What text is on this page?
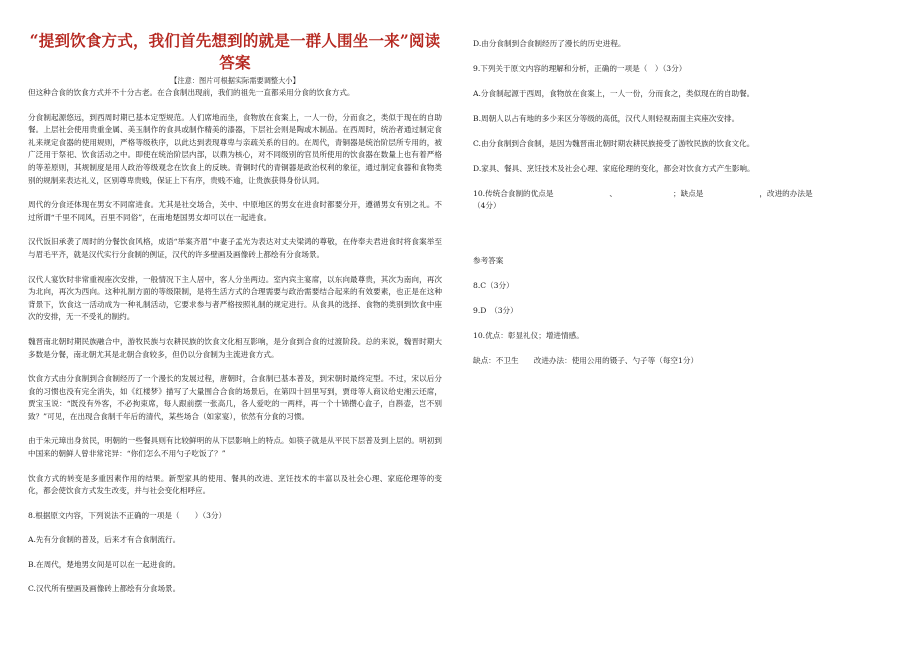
“提到饮食方式，我们首先想到的就是一群人围坐一来”阅读答案
【注意：图片可根据实际需要调整大小】

但这种合食的饮食方式并不十分古老。在合食制出现前，我们的祖先一直都采用分食的饮食方式。

分食制起源悠远，到西周时期已基本定型规范。人们席地而坐，食物放在食案上，一人一份，分而食之，类似于现在的自助餐。上层社会使用贵重金属、美玉制作的食具或制作精美的漆器，下层社会则是陶或木制品。在西周时，统治者通过制定食礼来规定食器的使用规则，严格等级秩序，以此达到表现尊卑与亲疏关系的目的。在周代，青铜器是统治阶层所专用的，被广泛用于祭祀、饮食活动之中。即使在统治阶层内部，以鼎为核心，对不同级别的官员所使用的饮食器在数量上也有着严格的等差原则，其规制度是用人政治等级观念在饮食上的反映。青铜时代的青铜器是政治权利的象征，通过制定食器和食物类别的规制来表达礼义，区别尊卑贵贱，保证上下有序，贵贱不逾，让贵族获得身份认同。

周代的分食还体现在男女不同席进食。尤其是社交场合，关中、中原地区的男女在进食时都要分开，遵循男女有别之礼。不过所谓“千里不同风，百里不同俗”，在南地楚国男女却可以在一起进食。

汉代饭旧承袭了周时的分餐饮食风格，成语“举案齐眉”中妻子孟光为表达对丈夫梁鸿的尊敬，在侍奉夫君进食时将食案举至与眉毛平齐，就是汉代实行分食制的例证，汉代的许多壁画及画像砖上都绘有分食场景。

汉代人宴饮时非常重视座次安排，一般情况下主人居中，客人分坐两边。室内宾主宴席，以东向最尊贵，其次为南向，再次为北向，再次为西向。这种礼制方面的等级限制，是将生活方式的合理需要与政治需要结合起来的有效要素，也正是在这种背景下，饮食这一活动成为一种礼制活动，它要求参与者严格按照礼制的规定进行。从食具的选择、食物的类别到饮食中座次的安排，无一不受礼的制约。

魏晋南北朝时期民族融合中，游牧民族与农耕民族的饮食文化相互影响，是分食到合食的过渡阶段。总的来说，魏晋时期大多数是分餐，南北朝尤其是北朝合食较多，但仍以分食制为主流进食方式。

饮食方式由分食制到合食制经历了一个漫长的发展过程，唐朝时，合食制已基本普及，到宋朝时最终定型。不过，宋以后分食的习惯也没有完全消失，如《红楼梦》描写了大量围合合食的场景后，在第四十回里写到，贾母等人商议给史湘云还席，贾宝玉说：“既没有外客，不必拘束席，每人跟前摆一张高几，各人爱吃的一两样，再一个十锦攒心盒子，自斟壶，岂不别致？”可见，在出现合食制千年后的清代，某些场合（如家宴），依然有分食的习惯。

由于朱元璋出身贫民，明朝的一些餐具则有比较鲜明的从下层影响上的特点。如筷子就是从平民下层普及到上层的。明初到中国来的朝鲜人曾非常诧异：“你们怎么不用勺子吃饭了？”

饮食方式的转变是多重因素作用的结果。新型家具的使用、餐具的改进、烹饪技术的丰富以及社会心理、家庭伦理等的变化，都会使饮食方式发生改变，并与社会变化相呼应。

8.根据原文内容，下列说法不正确的一项是（　　）（3分）
A.先有分食制的普及，后来才有合食制流行。
B.在周代，楚地男女间是可以在一起进食的。
C.汉代所有壁画及画像砖上都绘有分食场景。
D.由分食制到合食制经历了漫长的历史进程。
9.下列关于原文内容的理解和分析，正确的一项是（　）（3分）
A.分食制起源于西周，食物放在食案上，一人一份，分而食之，类似现在的自助餐。
B.周朝人以占有地的多少来区分等级的高低，汉代人则轻视南面主宾座次安排。
C.由分食制到合食制，是因为魏晋南北朝时期农耕民族接受了游牧民族的饮食文化。
D.家具、餐具、烹饪技术及社会心理、家庭伦理的变化，都会对饮食方式产生影响。
10.传统合食制的优点是	、	；缺点是	，改进的办法是
（4分）
参考答案
8.C（3分）
9.D　（3分）
10.优点：彰显礼仪；增进情感。
缺点：不卫生　　改进办法：使用公用的镊子、勺子等（每空1分）
